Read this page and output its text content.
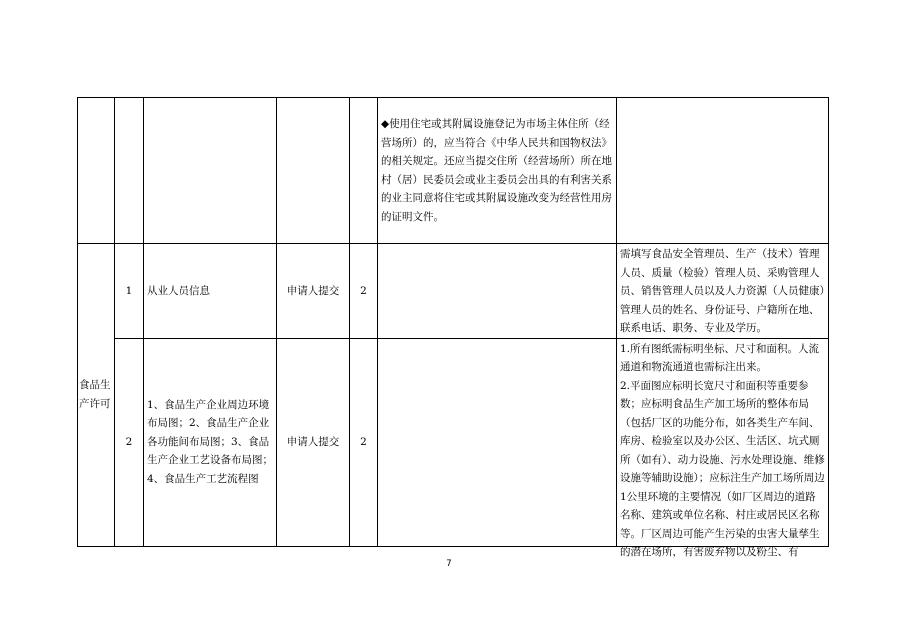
					◆使用住宅或其附属设施登记为市场主体住所（经营场所）的，应当符合《中华人民共和国物权法》的相关规定。还应当提交住所（经营场所）所在地村（居）民委员会或业主委员会出具的有利害关系的业主同意将住宅或其附属设施改变为经营性用房的证明文件。	
食品生产许可	1	从业人员信息	申请人提交	2		需填写食品安全管理员、生产（技术）管理人员、质量（检验）管理人员、采购管理人员、销售管理人员以及人力资源（人员健康）管理人员的姓名、身份证号、户籍所在地、联系电话、职务、专业及学历。
	2	1、食品生产企业周边环境布局图；2、食品生产企业各功能间布局图；3、食品生产企业工艺设备布局图；4、食品生产工艺流程图	申请人提交	2		1.所有图纸需标明坐标、尺寸和面积。人流通道和物流通道也需标注出来。
2.平面图应标明长宽尺寸和面积等重要参数；应标明食品生产加工场所的整体布局（包括厂区的功能分布，如各类生产车间、库房、检验室以及办公区、生活区、坑式厕所（如有）、动力设施、污水处理设施、维修设施等辅助设施）；应标注生产加工场所周边1公里环境的主要情况（如厂区周边的道路名称、建筑或单位名称、村庄或居民区名称等。厂区周边可能产生污染的虫害大量孳生的潜在场所，有害废弃物以及粉尘、有
7
